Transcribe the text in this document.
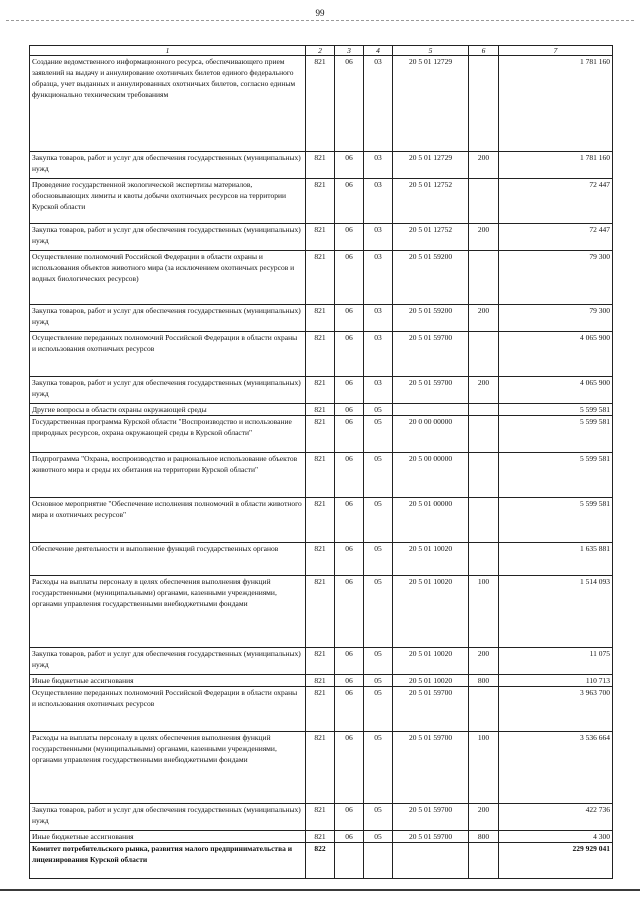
99
1	2	3	4	5	6	7
Создание ведомственного информационного ресурса, обеспечивающего прием заявлений на выдачу и аннулирование охотничьих билетов единого федерального образца, учет выданных и аннулированных охотничьих билетов, согласно единым функционально техническим требованиям	821	06	03	20 5 01 12729		1 781 160
Закупка товаров, работ и услуг для обеспечения государственных (муниципальных) нужд	821	06	03	20 5 01 12729	200	1 781 160
Проведение государственной экологической экспертизы материалов, обосновывающих лимиты и квоты добычи охотничьих ресурсов на территории Курской области	821	06	03	20 5 01 12752		72 447
Закупка товаров, работ и услуг для обеспечения государственных (муниципальных) нужд	821	06	03	20 5 01 12752	200	72 447
Осуществление полномочий Российской Федерации в области охраны и использования объектов животного мира (за исключением охотничьих ресурсов и водных биологических ресурсов)	821	06	03	20 5 01 59200		79 300
Закупка товаров, работ и услуг для обеспечения государственных (муниципальных) нужд	821	06	03	20 5 01 59200	200	79 300
Осуществление переданных полномочий Российской Федерации в области охраны и использования охотничьих ресурсов	821	06	03	20 5 01 59700		4 065 900
Закупка товаров, работ и услуг для обеспечения государственных (муниципальных) нужд	821	06	03	20 5 01 59700	200	4 065 900
Другие вопросы в области охраны окружающей среды	821	06	05			5 599 581
Государственная программа Курской области "Воспроизводство и использование природных ресурсов, охрана окружающей среды в Курской области"	821	06	05	20 0 00 00000		5 599 581
Подпрограмма "Охрана, воспроизводство и рациональное использование объектов животного мира и среды их обитания на территории Курской области"	821	06	05	20 5 00 00000		5 599 581
Основное мероприятие "Обеспечение исполнения полномочий в области животного мира и охотничьих ресурсов"	821	06	05	20 5 01 00000		5 599 581
Обеспечение деятельности и выполнение функций государственных органов	821	06	05	20 5 01 10020		1 635 881
Расходы на выплаты персоналу в целях обеспечения выполнения функций государственными (муниципальными) органами, казенными учреждениями, органами управления государственными внебюджетными фондами	821	06	05	20 5 01 10020	100	1 514 093
Закупка товаров, работ и услуг для обеспечения государственных (муниципальных) нужд	821	06	05	20 5 01 10020	200	11 075
Иные бюджетные ассигнования	821	06	05	20 5 01 10020	800	110 713
Осуществление переданных полномочий Российской Федерации в области охраны и использования охотничьих ресурсов	821	06	05	20 5 01 59700		3 963 700
Расходы на выплаты персоналу в целях обеспечения выполнения функций государственными (муниципальными) органами, казенными учреждениями, органами управления государственными внебюджетными фондами	821	06	05	20 5 01 59700	100	3 536 664
Закупка товаров, работ и услуг для обеспечения государственных (муниципальных) нужд	821	06	05	20 5 01 59700	200	422 736
Иные бюджетные ассигнования	821	06	05	20 5 01 59700	800	4 300
Комитет потребительского рынка, развития малого предпринимательства и лицензирования Курской области	822					229 929 041
